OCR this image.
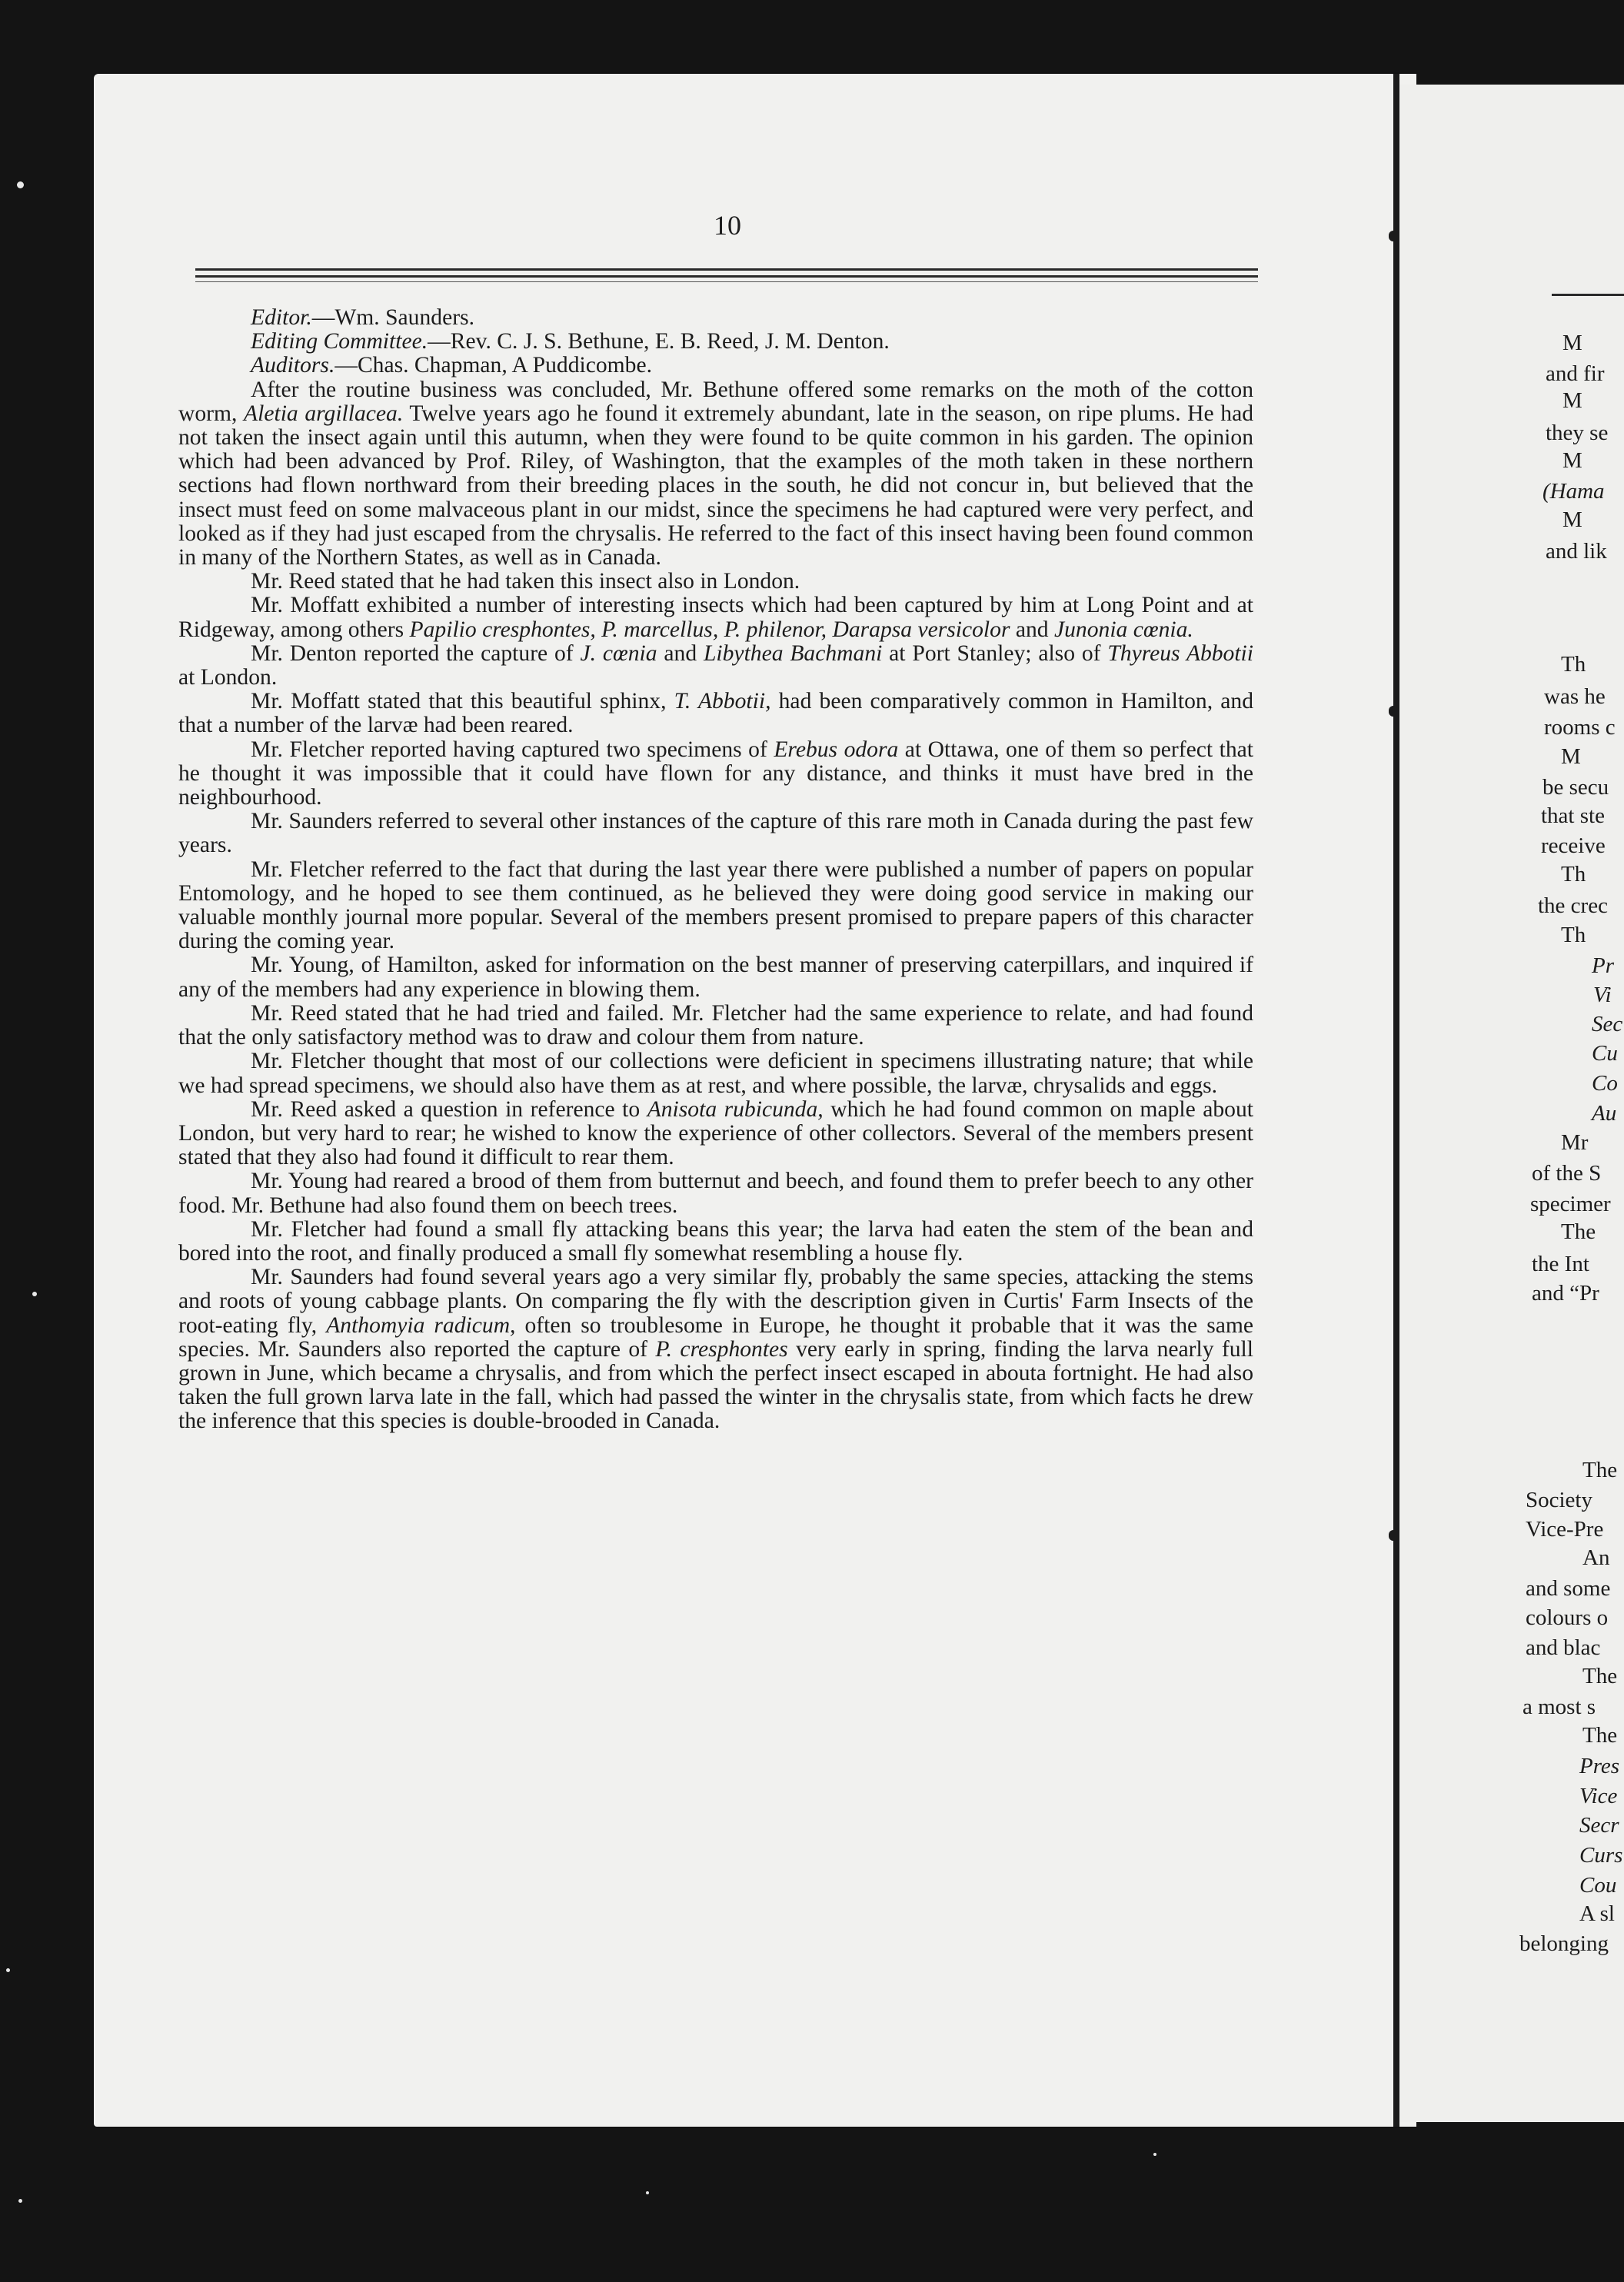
10

Editor.—Wm. Saunders.

Editing Committee.—Rev. C. J. S. Bethune, E. B. Reed, J. M. Denton.

Auditors.—Chas. Chapman, A Puddicombe.

After the routine business was concluded, Mr. Bethune offered some remarks on the moth of the cotton worm, Aletia argillacea. Twelve years ago he found it extremely abundant, late in the season, on ripe plums. He had not taken the insect again until this autumn, when they were found to be quite common in his garden. The opinion which had been advanced by Prof. Riley, of Washington, that the examples of the moth taken in these northern sections had flown northward from their breeding places in the south, he did not concur in, but believed that the insect must feed on some malvaceous plant in our midst, since the specimens he had captured were very perfect, and looked as if they had just escaped from the chrysalis. He referred to the fact of this insect having been found common in many of the Northern States, as well as in Canada.

Mr. Reed stated that he had taken this insect also in London.

Mr. Moffatt exhibited a number of interesting insects which had been captured by him at Long Point and at Ridgeway, among others Papilio cresphontes, P. marcellus, P. philenor, Darapsa versicolor and Junonia cœnia.

Mr. Denton reported the capture of J. cœnia and Libythea Bachmani at Port Stanley; also of Thyreus Abbotii at London.

Mr. Moffatt stated that this beautiful sphinx, T. Abbotii, had been comparatively common in Hamilton, and that a number of the larvæ had been reared.

Mr. Fletcher reported having captured two specimens of Erebus odora at Ottawa, one of them so perfect that he thought it was impossible that it could have flown for any distance, and thinks it must have bred in the neighbourhood.

Mr. Saunders referred to several other instances of the capture of this rare moth in Canada during the past few years.

Mr. Fletcher referred to the fact that during the last year there were published a number of papers on popular Entomology, and he hoped to see them continued, as he believed they were doing good service in making our valuable monthly journal more popular. Several of the members present promised to prepare papers of this character during the coming year.

Mr. Young, of Hamilton, asked for information on the best manner of preserving caterpillars, and inquired if any of the members had any experience in blowing them.

Mr. Reed stated that he had tried and failed. Mr. Fletcher had the same experience to relate, and had found that the only satisfactory method was to draw and colour them from nature.

Mr. Fletcher thought that most of our collections were deficient in specimens illustrating nature; that while we had spread specimens, we should also have them as at rest, and where possible, the larvæ, chrysalids and eggs.

Mr. Reed asked a question in reference to Anisota rubicunda, which he had found common on maple about London, but very hard to rear; he wished to know the experience of other collectors. Several of the members present stated that they also had found it difficult to rear them.

Mr. Young had reared a brood of them from butternut and beech, and found them to prefer beech to any other food. Mr. Bethune had also found them on beech trees.

Mr. Fletcher had found a small fly attacking beans this year; the larva had eaten the stem of the bean and bored into the root, and finally produced a small fly somewhat resembling a house fly.

Mr. Saunders had found several years ago a very similar fly, probably the same species, attacking the stems and roots of young cabbage plants. On comparing the fly with the description given in Curtis' Farm Insects of the root-eating fly, Anthomyia radicum, often so troublesome in Europe, he thought it probable that it was the same species. Mr. Saunders also reported the capture of P. cresphontes very early in spring, finding the larva nearly full grown in June, which became a chrysalis, and from which the perfect insect escaped in abouta fortnight. He had also taken the full grown larva late in the fall, which had passed the winter in the chrysalis state, from which facts he drew the inference that this species is double-brooded in Canada.

M
and fir
M
they se
M
(Hama
M
and lik
Th
was he
rooms c
M
be secu
that ste
receive
Th
the crec
Th
Pr
Vi
Sec
Cu
Co
Au
Mr
of the S
specimer
The
the Int
and “Pr
The
Society
Vice-Pre
An
and some
colours o
and blac
The
a most s
The
Pres
Vice
Secr
Curs
Cou
A sl
belonging
